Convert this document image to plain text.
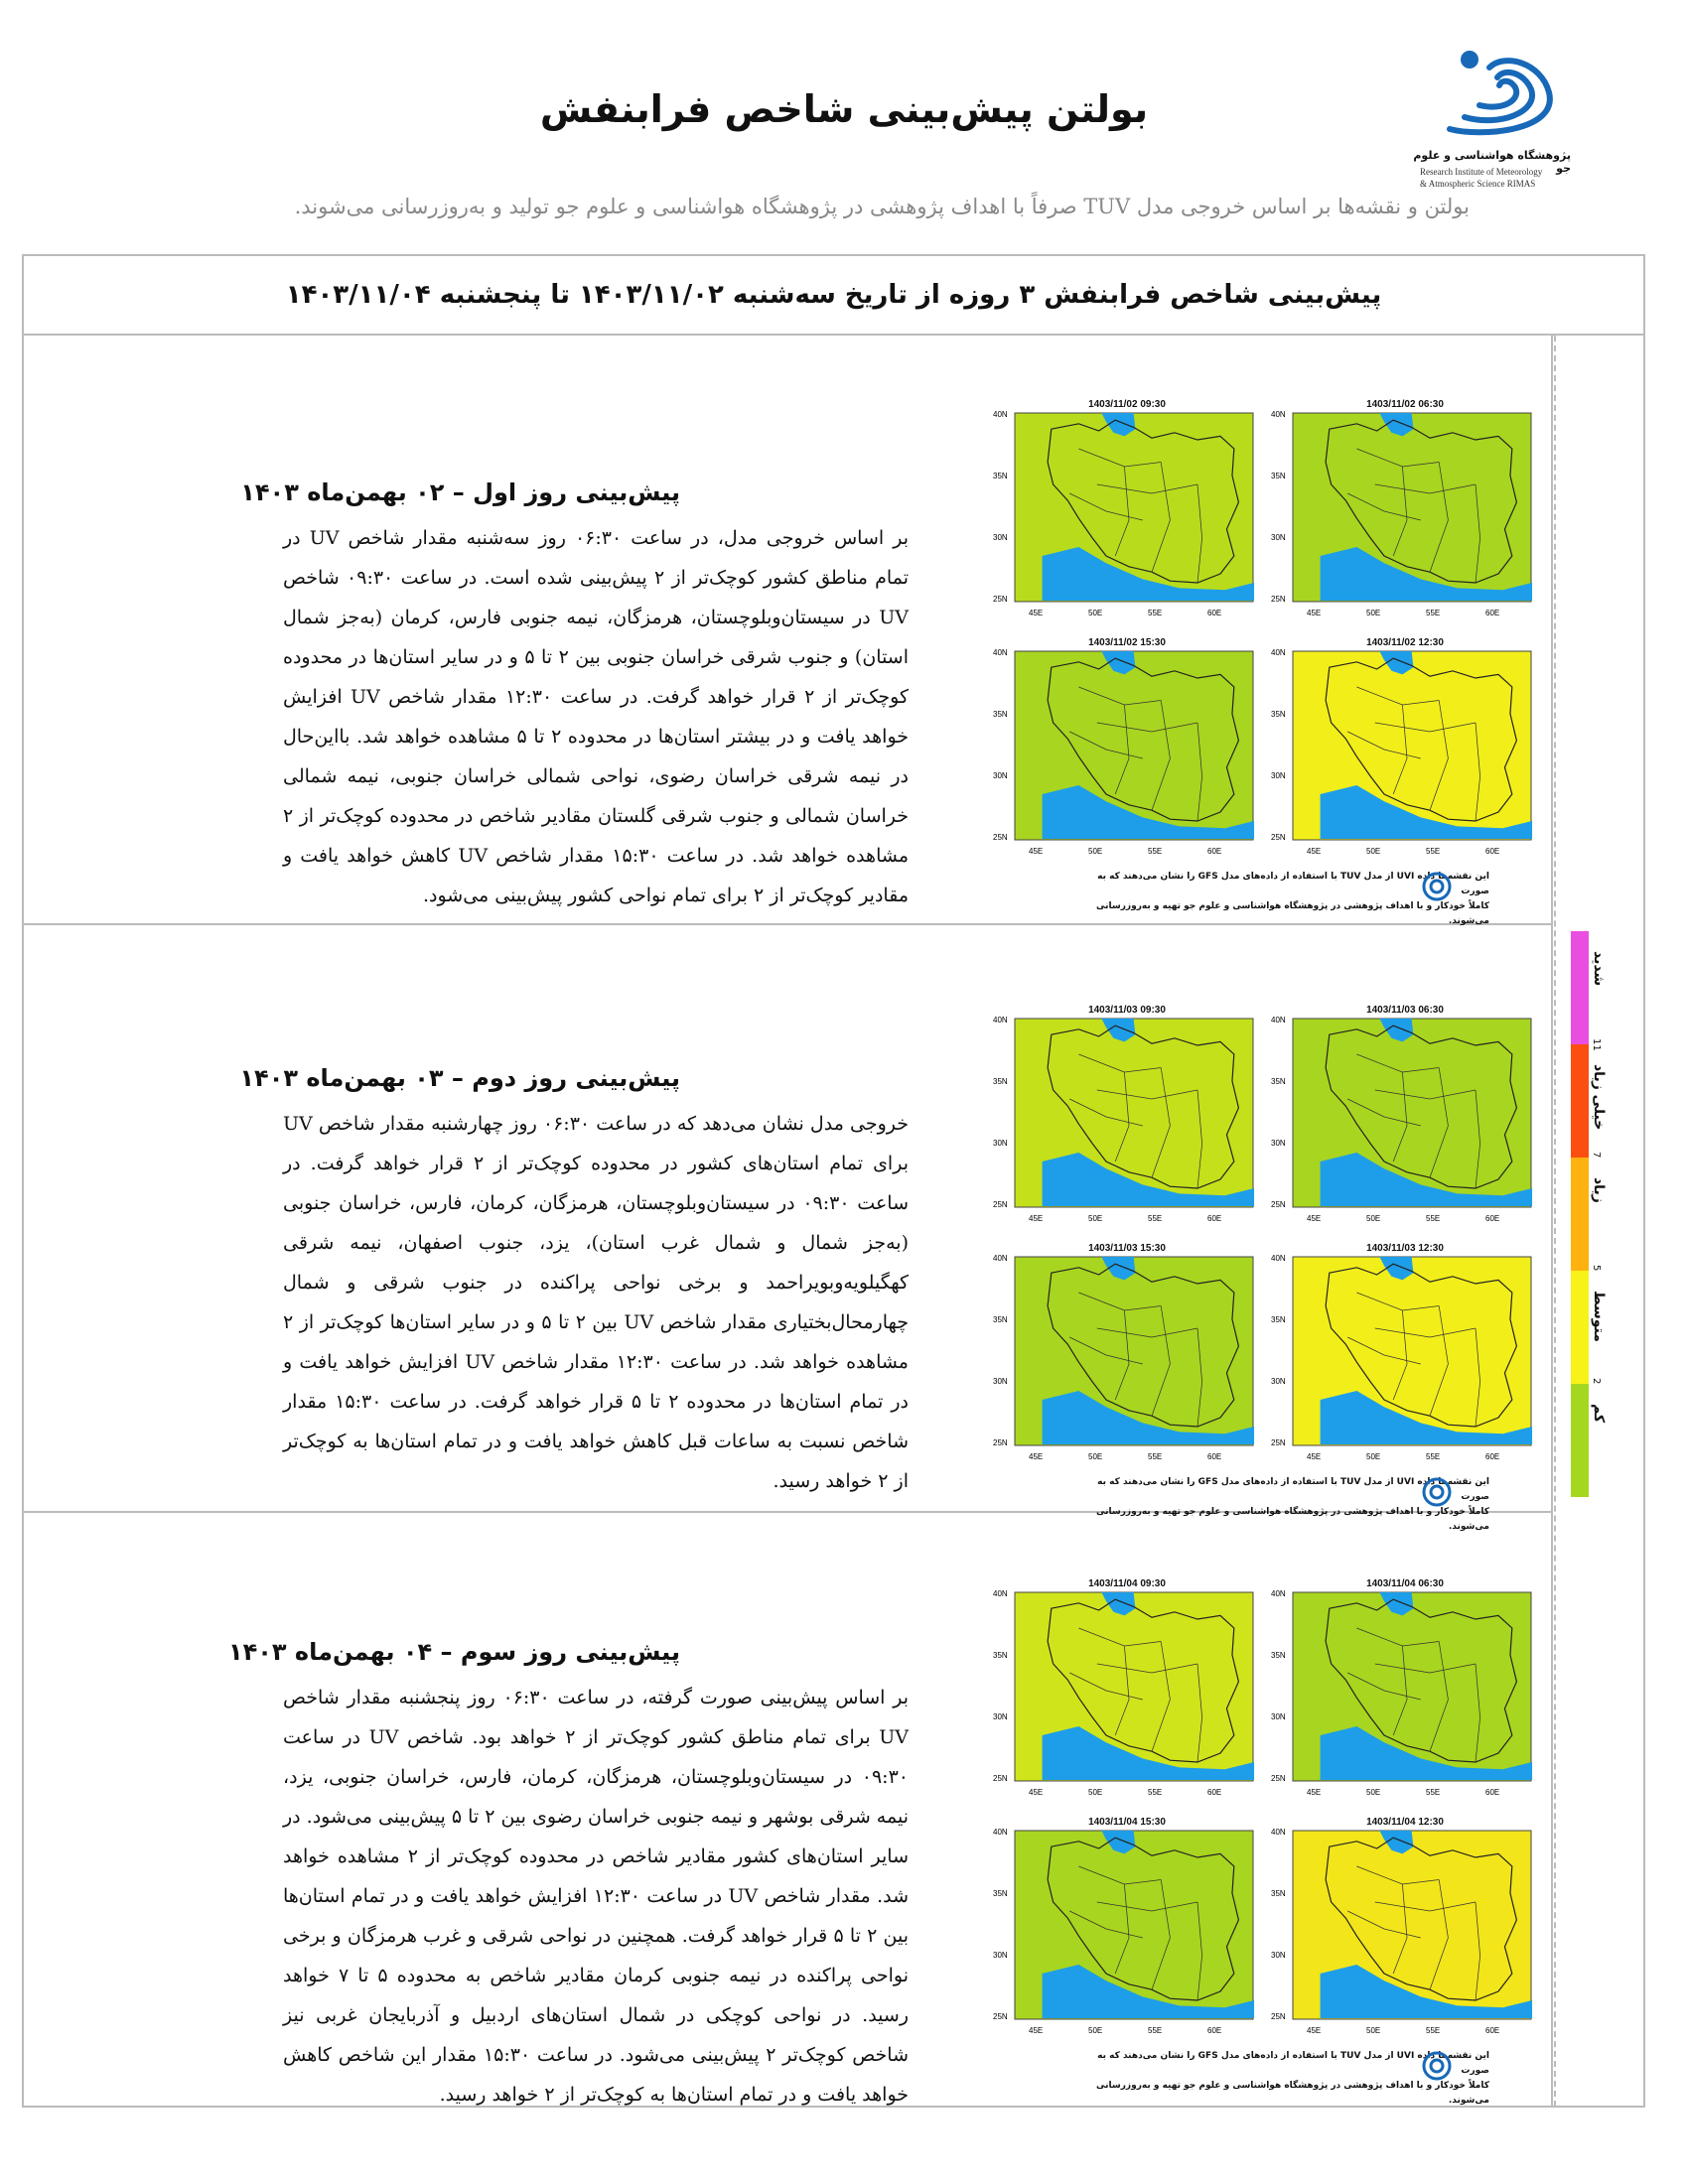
بولتن پیش‌بینی شاخص فرابنفش
پژوهشگاه هواشناسی و علوم جو
Research Institute of Meteorology
& Atmospheric Science RIMAS
بولتن و نقشه‌ها بر اساس خروجی مدل TUV صرفاً با اهداف پژوهشی در پژوهشگاه هواشناسی و علوم جو تولید و به‌روزرسانی می‌شوند.
پیش‌بینی شاخص فرابنفش ۳ روزه از تاریخ سه‌شنبه ۱۴۰۳/۱۱/۰۲ تا پنجشنبه ۱۴۰۳/۱۱/۰۴
پیش‌بینی روز اول – ۰۲ بهمن‌ماه ۱۴۰۳
بر اساس خروجی مدل، در ساعت ۰۶:۳۰ روز سه‌شنبه مقدار شاخص UV در تمام مناطق کشور کوچک‌تر از ۲ پیش‌بینی شده است. در ساعت ۰۹:۳۰ شاخص UV در سیستان‌وبلوچستان، هرمزگان، نیمه جنوبی فارس، کرمان (به‌جز شمال استان) و جنوب شرقی خراسان جنوبی بین ۲ تا ۵ و در سایر استان‌ها در محدوده کوچک‌تر از ۲ قرار خواهد گرفت. در ساعت ۱۲:۳۰ مقدار شاخص UV افزایش خواهد یافت و در بیشتر استان‌ها در محدوده ۲ تا ۵ مشاهده خواهد شد. با‌این‌حال در نیمه شرقی خراسان رضوی، نواحی شمالی خراسان جنوبی، نیمه شمالی خراسان شمالی و جنوب شرقی گلستان مقادیر شاخص در محدوده کوچک‌تر از ۲ مشاهده خواهد شد. در ساعت ۱۵:۳۰ مقدار شاخص UV کاهش خواهد یافت و مقادیر کوچک‌تر از ۲ برای تمام نواحی کشور پیش‌بینی می‌شود.
1403/11/02 06:30
40N
35N
30N
25N
45E	50E	55E	60E
1403/11/02 09:30
40N
35N
30N
25N
45E	50E	55E	60E
1403/11/02 12:30
40N
35N
30N
25N
45E	50E	55E	60E
1403/11/02 15:30
40N
35N
30N
25N
45E	50E	55E	60E
این نقشه‌ها داده UVI از مدل TUV با استفاده از داده‌های مدل GFS را نشان می‌دهند که به صورت
کاملاً خودکار و با اهداف پژوهشی در پژوهشگاه هواشناسی و علوم جو تهیه و به‌روزرسانی می‌شوند.
پیش‌بینی روز دوم – ۰۳ بهمن‌ماه ۱۴۰۳
خروجی مدل نشان می‌دهد که در ساعت ۰۶:۳۰ روز چهارشنبه مقدار شاخص UV برای تمام استان‌های کشور در محدوده کوچک‌تر از ۲ قرار خواهد گرفت. در ساعت ۰۹:۳۰ در سیستان‌وبلوچستان، هرمزگان، کرمان، فارس، خراسان جنوبی (به‌جز شمال و شمال غرب استان)، یزد، جنوب اصفهان، نیمه شرقی کهگیلویه‌وبویراحمد و برخی نواحی پراکنده در جنوب شرقی و شمال چهارمحال‌بختیاری مقدار شاخص UV بین ۲ تا ۵ و در سایر استان‌ها کوچک‌تر از ۲ مشاهده خواهد شد. در ساعت ۱۲:۳۰ مقدار شاخص UV افزایش خواهد یافت و در تمام استان‌ها در محدوده ۲ تا ۵ قرار خواهد گرفت. در ساعت ۱۵:۳۰ مقدار شاخص نسبت به ساعات قبل کاهش خواهد یافت و در تمام استان‌ها به کوچک‌تر از ۲ خواهد رسید.
1403/11/03 06:30
40N
35N
30N
25N
45E	50E	55E	60E
1403/11/03 09:30
40N
35N
30N
25N
45E	50E	55E	60E
1403/11/03 12:30
40N
35N
30N
25N
45E	50E	55E	60E
1403/11/03 15:30
40N
35N
30N
25N
45E	50E	55E	60E
این نقشه‌ها داده UVI از مدل TUV با استفاده از داده‌های مدل GFS را نشان می‌دهند که به صورت
کاملاً خودکار و با اهداف پژوهشی در پژوهشگاه هواشناسی و علوم جو تهیه و به‌روزرسانی می‌شوند.
پیش‌بینی روز سوم – ۰۴ بهمن‌ماه ۱۴۰۳
بر اساس پیش‌بینی صورت گرفته، در ساعت ۰۶:۳۰ روز پنجشنبه مقدار شاخص UV برای تمام مناطق کشور کوچک‌تر از ۲ خواهد بود. شاخص UV در ساعت ۰۹:۳۰ در سیستان‌وبلوچستان، هرمزگان، کرمان، فارس، خراسان جنوبی، یزد، نیمه شرقی بوشهر و نیمه جنوبی خراسان رضوی بین ۲ تا ۵ پیش‌بینی می‌شود. در سایر استان‌های کشور مقادیر شاخص در محدوده کوچک‌تر از ۲ مشاهده خواهد شد. مقدار شاخص UV در ساعت ۱۲:۳۰ افزایش خواهد یافت و در تمام استان‌ها بین ۲ تا ۵ قرار خواهد گرفت. همچنین در نواحی شرقی و غرب هرمزگان و برخی نواحی پراکنده در نیمه جنوبی کرمان مقادیر شاخص به محدوده ۵ تا ۷ خواهد رسید. در نواحی کوچکی در شمال استان‌های اردبیل و آذربایجان غربی نیز شاخص کوچک‌تر ۲ پیش‌بینی می‌شود. در ساعت ۱۵:۳۰ مقدار این شاخص کاهش خواهد یافت و در تمام استان‌ها به کوچک‌تر از ۲ خواهد رسید.
1403/11/04 06:30
40N
35N
30N
25N
45E	50E	55E	60E
1403/11/04 09:30
40N
35N
30N
25N
45E	50E	55E	60E
1403/11/04 12:30
40N
35N
30N
25N
45E	50E	55E	60E
1403/11/04 15:30
40N
35N
30N
25N
45E	50E	55E	60E
این نقشه‌ها داده UVI از مدل TUV با استفاده از داده‌های مدل GFS را نشان می‌دهند که به صورت
کاملاً خودکار و با اهداف پژوهشی در پژوهشگاه هواشناسی و علوم جو تهیه و به‌روزرسانی می‌شوند.
شدید
خیلی زیاد
زیاد
متوسط
کم
11
7
5
2
